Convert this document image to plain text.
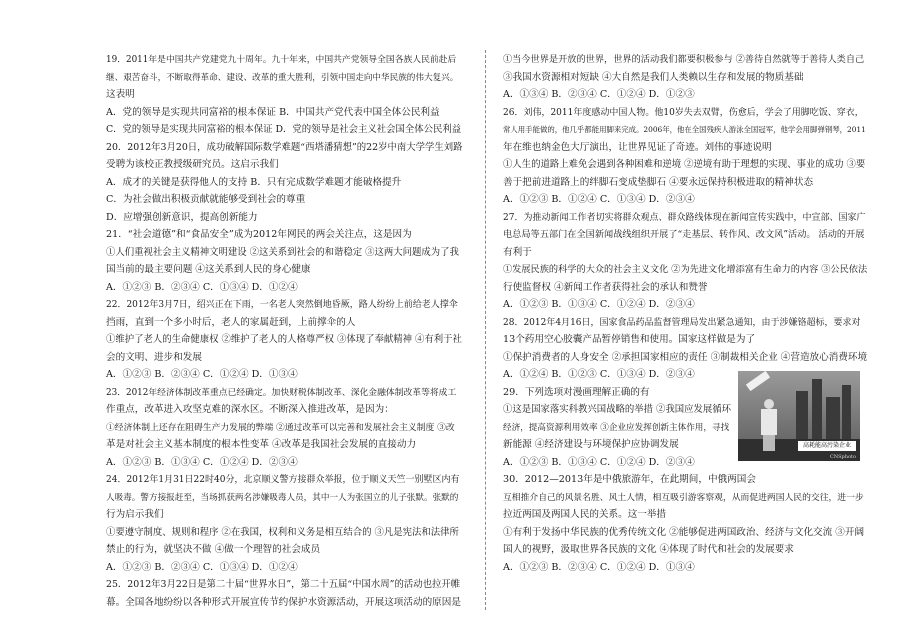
19．2011年是中国共产党建党九十周年。九十年来，中国共产党领导全国各族人民前赴后
继、艰苦奋斗，不断取得革命、建设、改革的重大胜利，引领中国走向中华民族的伟大复兴。
这表明
A．党的领导是实现共同富裕的根本保证 B．中国共产党代表中国全体公民利益
C．党的领导是实现共同富裕的根本保证 D．党的领导是社会主义社会国全体公民利益
20．2012年3月20日，成功破解国际数学难题“西塔潘猜想”的22岁中南大学学生刘路
受聘为该校正教授级研究员。这启示我们
A．成才的关键是获得他人的支持 B．只有完成数学难题才能破格提升
C．为社会做出积极贡献就能够受到社会的尊重
D．应增强创新意识，提高创新能力
21．“社会道德”和“食品安全”成为2012年网民的两会关注点，这是因为
①人们重视社会主义精神文明建设 ②这关系到社会的和谐稳定 ③这两大问题成为了我
国当前的最主要问题 ④这关系到人民的身心健康
A．①②③ B．②③④ C．①③④ D．①②④
22．2012年3月7日，绍兴正在下雨，一名老人突然倒地昏厥，路人纷纷上前给老人撑伞
挡雨，直到一个多小时后，老人的家属赶到，上前撑伞的人
①维护了老人的生命健康权 ②维护了老人的人格尊严权 ③体现了奉献精神 ④有利于社
会的文明、进步和发展
A．①②③ B．②③④ C．①②④ D．①③④
23．2012年经济体制改革重点已经确定。加快财税体制改革、深化金融体制改革等将成工
作重点，改革进入攻坚克难的深水区。不断深入推进改革，是因为：
①经济体制上还存在阻碍生产力发展的弊端 ②通过改革可以完善和发展社会主义制度 ③改
革是对社会主义基本制度的根本性变革 ④改革是我国社会发展的直接动力
A．①②③ B．①③④ C．①②④ D．②③④
24．2012年1月31日22时40分，北京顺义警方接群众举报，位于顺义天竺一别墅区内有
人吸毒。警方接报赶至，当场抓获两名涉嫌吸毒人员，其中一人为张国立的儿子张默。张默的
行为启示我们
①要遵守制度、规则和程序 ②在我国，权利和义务是相互结合的 ③凡是宪法和法律所
禁止的行为，就坚决不做 ④做一个理智的社会成员
A．①②③ B．②③④ C．①③④ D．①②④
25．2012年3月22日是第二十届“世界水日”，第二十五届“中国水周”的活动也拉开帷
幕。全国各地纷纷以各种形式开展宣传节约保护水资源活动，开展这项活动的原因是
①当今世界是开放的世界，世界的活动我们都要积极参与 ②善待自然就等于善待人类自己
③我国水资源相对短缺 ④大自然是我们人类赖以生存和发展的物质基础
A．①③④ B．②③④ C．①②④ D．①②③
26．刘伟，2011年度感动中国人物。他10岁失去双臂，伤愈后，学会了用脚吃饭、穿衣，
常人用手能做的，他几乎都能用脚来完成。2006年，他在全国残疾人游泳全国冠军，他学会用脚弹钢琴，2011
年在维也纳金色大厅演出，让世界见证了奇迹。刘伟的事迹说明
①人生的道路上难免会遇到各种困难和逆境 ②逆境有助于理想的实现、事业的成功 ③要
善于把前进道路上的绊脚石变成垫脚石 ④要永远保持积极进取的精神状态
A．①②③ B．①②④ C．①③④ D．②③④
27．为推动新闻工作者切实将群众观点、群众路线体现在新闻宣传实践中，中宣部、国家广
电总局等五部门在全国新闻战线组织开展了“走基层、转作风、改文风”活动。 活动的开展
有利于
①发展民族的科学的大众的社会主义文化 ②为先进文化增添富有生命力的内容 ③公民依法
行使监督权 ④新闻工作者获得社会的承认和赞誉
A．①②③ B．①③④ C．①②④ D．②③④
28．2012年4月16日，国家食品药品监督管理局发出紧急通知，由于涉嫌铬超标，要求对
13个药用空心胶囊产品暂停销售和使用。国家这样做是为了
①保护消费者的人身安全 ②承担国家相应的责任 ③制裁相关企业 ④营造放心消费环境
A．①②④ B．①②③ C．①③④ D．②③④
29．下列选项对漫画理解正确的有
①这是国家落实科教兴国战略的举措 ②我国应发展循环
经济，提高资源利用效率 ③企业应发挥创新主体作用，寻找
新能源 ④经济建设与环境保护应协调发展
A．①②③ B．①③④ C．①②④ D．②③④
30．2012—2013年是中俄旅游年，在此期间，中俄两国会
互相推介自己的风景名胜、风土人情，相互吸引游客察观，从而促进两国人民的交往，进一步
拉近两国及两国人民的关系。这一举措
①有利于发扬中华民族的优秀传统文化 ②能够促进两国政治、经济与文化交流 ③开阔
国人的视野，汲取世界各民族的文化 ④体现了时代和社会的发展要求
A．①②③ B．②③④ C．①②④ D．①③④
高耗能高污染企业
CNSphoto
